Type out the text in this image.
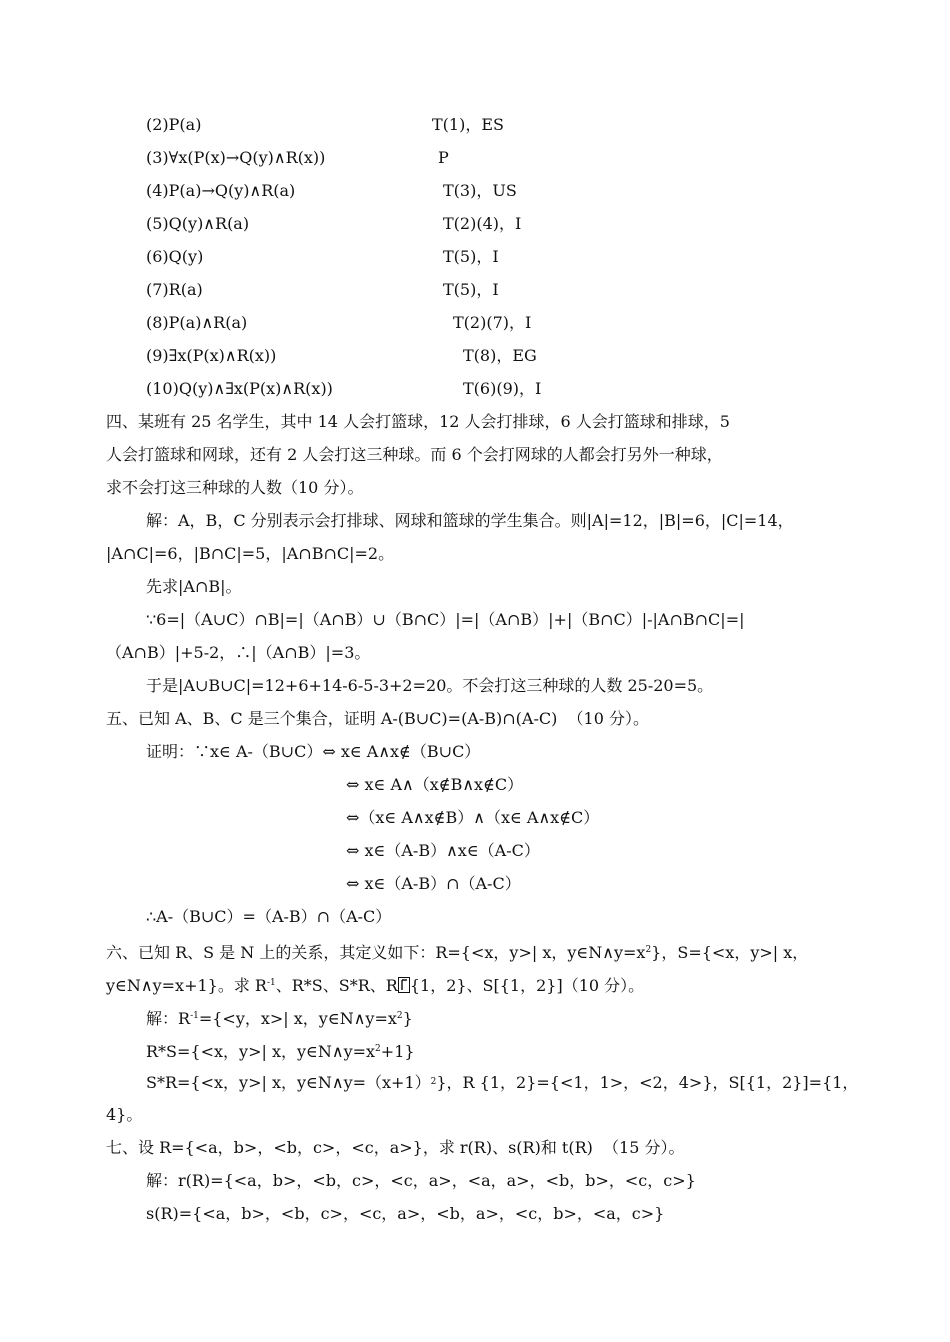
(2)P(a)	T(1)，ES
(3)∀x(P(x)→Q(y)∧R(x))	P
(4)P(a)→Q(y)∧R(a)	T(3)，US
(5)Q(y)∧R(a)	T(2)(4)，I
(6)Q(y)	T(5)，I
(7)R(a)	T(5)，I
(8)P(a)∧R(a)	T(2)(7)，I
(9)∃x(P(x)∧R(x))	T(8)，EG
(10)Q(y)∧∃x(P(x)∧R(x))	T(6)(9)，I
四、某班有 25 名学生，其中 14 人会打篮球，12 人会打排球，6 人会打篮球和排球，5
人会打篮球和网球，还有 2 人会打这三种球。而 6 个会打网球的人都会打另外一种球，
求不会打这三种球的人数（10 分）。
解：A，B，C 分别表示会打排球、网球和篮球的学生集合。则|A|=12，|B|=6，|C|=14，
|A∩C|=6，|B∩C|=5，|A∩B∩C|=2。
先求|A∩B|。
∵6=|（A∪C）∩B|=|（A∩B）∪（B∩C）|=|（A∩B）|+|（B∩C）|-|A∩B∩C|=|
（A∩B）|+5-2，∴|（A∩B）|=3。
于是|A∪B∪C|=12+6+14-6-5-3+2=20。不会打这三种球的人数 25-20=5。
五、已知 A、B、C 是三个集合，证明 A-(B∪C)=(A-B)∩(A-C)  （10 分）。
证明：∵x∈ A-（B∪C）⇔ x∈ A∧x∉（B∪C）
⇔ x∈ A∧（x∉B∧x∉C）
⇔（x∈ A∧x∉B）∧（x∈ A∧x∉C）
⇔ x∈（A-B）∧x∈（A-C）
⇔ x∈（A-B）∩（A-C）
∴A-（B∪C）=（A-B）∩（A-C）
六、已知 R、S 是 N 上的关系，其定义如下：R={<x，y>| x，$y\in N\wedge y=x^2$}，S={<x，y>| x，
y∈N∧y=x+1}。求 $R^{-1}$、R*S、S*R、R {1，2}、S[{1，2}]（10 分）。
解：$R^{-1}=\{<y$，x>| x，$y\in N\wedge y=x^2$}
R*S={<x，y>| x，$y\in N\wedge y=x^2+1$}
S*R={<x，y>| x，$y\in N\wedge y=(x+1)^2$}，R {1，2}={<1，1>，<2，4>}，S[{1，2}]={1，
4}。
七、设 R={<a，b>，<b，c>，<c，a>}，求 r(R)、s(R)和 t(R)  （15 分）。
解：r(R)={<a，b>，<b，c>，<c，a>，<a，a>，<b，b>，<c，c>}
s(R)={<a，b>，<b，c>，<c，a>，<b，a>，<c，b>，<a，c>}
